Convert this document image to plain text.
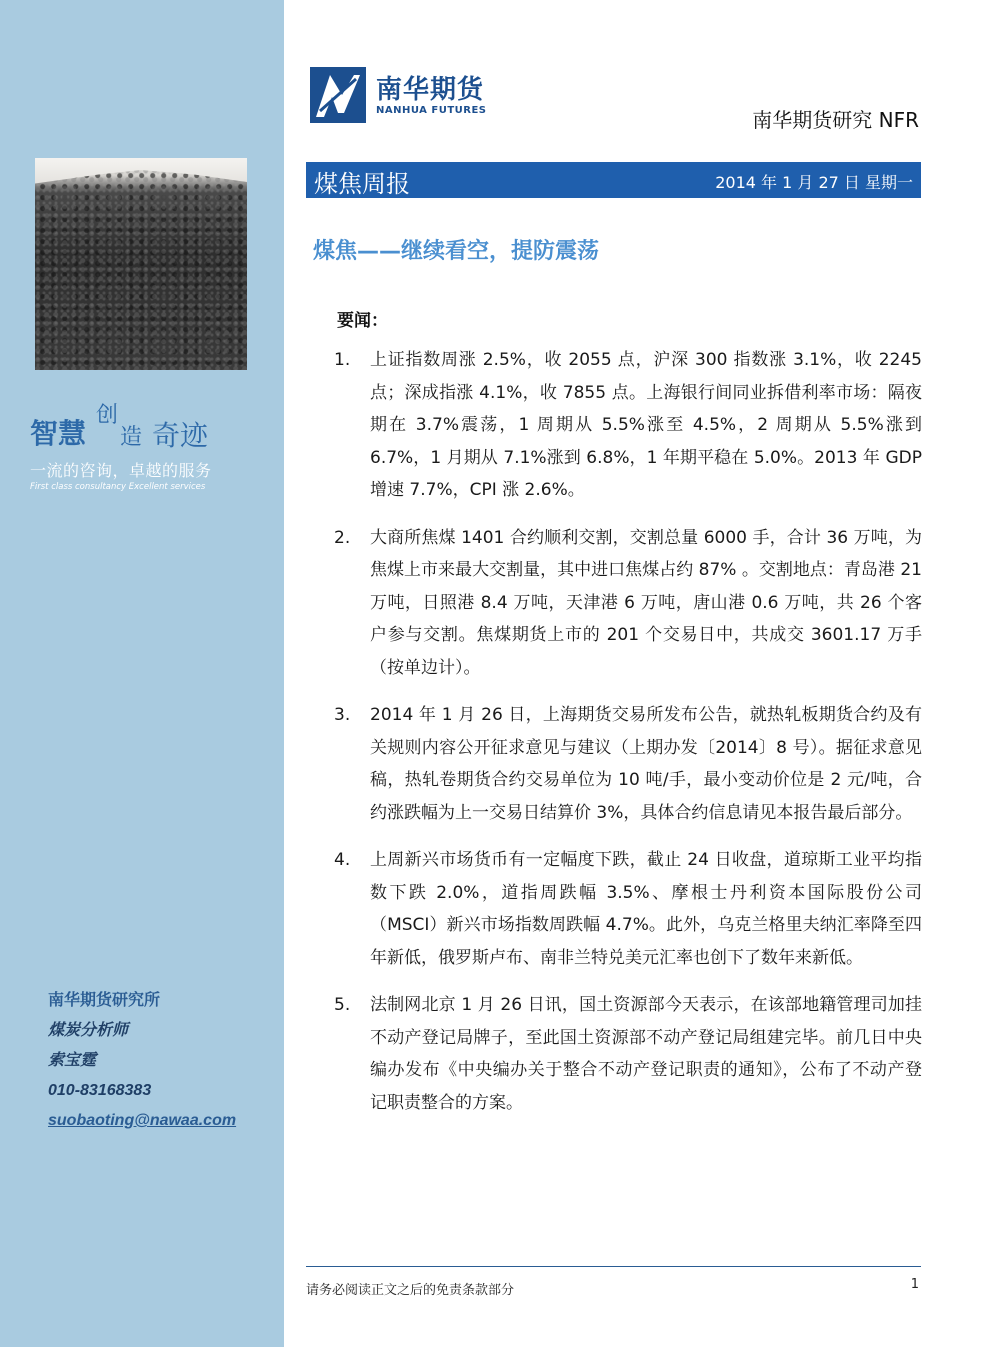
智慧
创
造 奇迹
一流的咨询，卓越的服务
First class consultancy Excellent services
南华期货研究所
煤炭分析师
索宝霆
010-83168383
suobaoting@nawaa.com
南华期货
NANHUA FUTURES	南华期货研究 NFR
煤焦周报	2014 年 1 月 27 日 星期一
煤焦——继续看空，提防震荡
要闻：
1.	上证指数周涨 2.5%，收 2055 点，沪深 300 指数涨 3.1%，收 2245 点；深成指涨 4.1%，收 7855 点。上海银行间同业拆借利率市场：隔夜期在 3.7%震荡，1 周期从 5.5%涨至 4.5%，2 周期从 5.5%涨到 6.7%，1 月期从 7.1%涨到 6.8%，1 年期平稳在 5.0%。2013 年 GDP 增速 7.7%，CPI 涨 2.6%。
2.	大商所焦煤 1401 合约顺利交割，交割总量 6000 手，合计 36 万吨，为焦煤上市来最大交割量，其中进口焦煤占约 87% 。交割地点：青岛港 21 万吨，日照港 8.4 万吨，天津港 6 万吨，唐山港 0.6 万吨，共 26 个客户参与交割。焦煤期货上市的 201 个交易日中，共成交 3601.17 万手（按单边计）。
3.	2014 年 1 月 26 日，上海期货交易所发布公告，就热轧板期货合约及有关规则内容公开征求意见与建议（上期办发〔2014〕8 号）。据征求意见稿，热轧卷期货合约交易单位为 10 吨/手，最小变动价位是 2 元/吨，合约涨跌幅为上一交易日结算价 3%，具体合约信息请见本报告最后部分。
4.	上周新兴市场货币有一定幅度下跌，截止 24 日收盘，道琼斯工业平均指数下跌 2.0%，道指周跌幅 3.5%、摩根士丹利资本国际股份公司（MSCI）新兴市场指数周跌幅 4.7%。此外，乌克兰格里夫纳汇率降至四年新低，俄罗斯卢布、南非兰特兑美元汇率也创下了数年来新低。
5.	法制网北京 1 月 26 日讯，国土资源部今天表示，在该部地籍管理司加挂不动产登记局牌子，至此国土资源部不动产登记局组建完毕。前几日中央编办发布《中央编办关于整合不动产登记职责的通知》，公布了不动产登记职责整合的方案。
请务必阅读正文之后的免责条款部分	1
